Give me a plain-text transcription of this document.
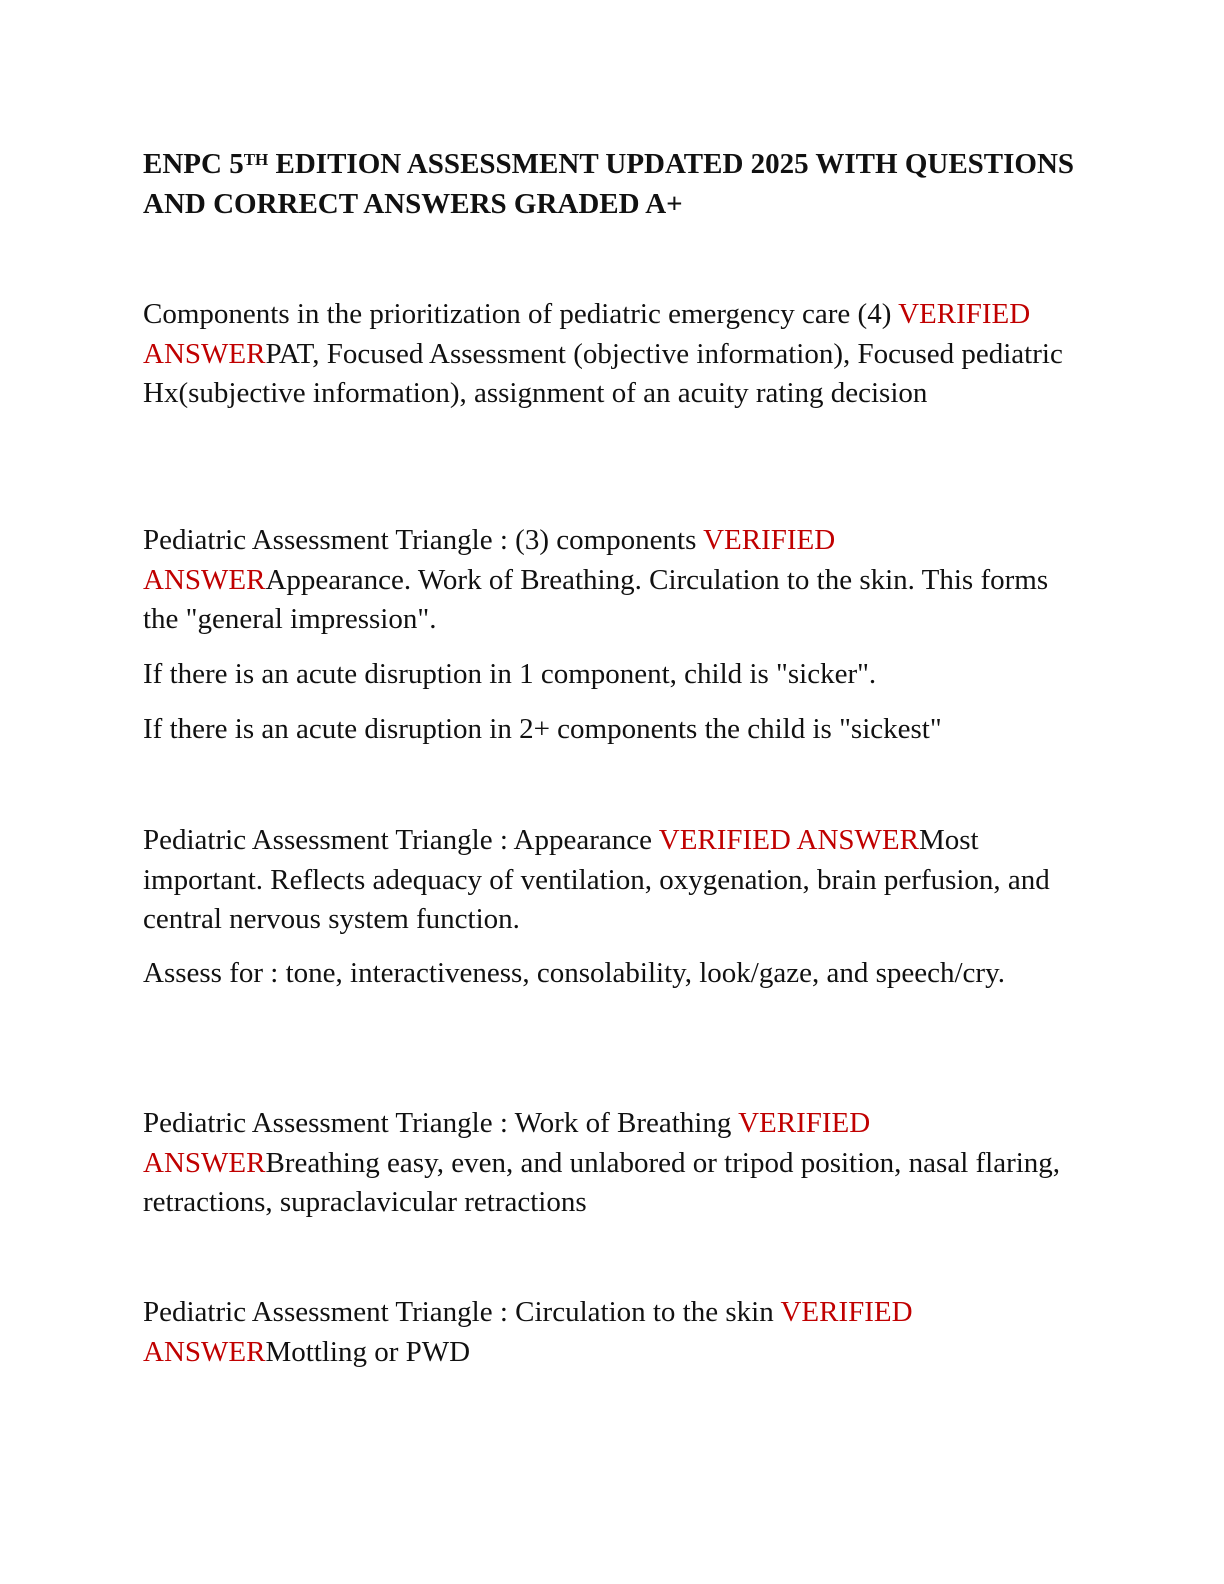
ENPC 5TH EDITION ASSESSMENT UPDATED 2025 WITH QUESTIONS AND CORRECT ANSWERS GRADED A+

Components in the prioritization of pediatric emergency care (4) VERIFIED ANSWERPAT, Focused Assessment (objective information), Focused pediatric Hx(subjective information), assignment of an acuity rating decision

Pediatric Assessment Triangle : (3) components VERIFIED ANSWERAppearance. Work of Breathing. Circulation to the skin. This forms the "general impression".

If there is an acute disruption in 1 component, child is "sicker".

If there is an acute disruption in 2+ components the child is "sickest"

Pediatric Assessment Triangle : Appearance VERIFIED ANSWERMost important. Reflects adequacy of ventilation, oxygenation, brain perfusion, and central nervous system function.

Assess for : tone, interactiveness, consolability, look/gaze, and speech/cry.

Pediatric Assessment Triangle : Work of Breathing VERIFIED ANSWERBreathing easy, even, and unlabored or tripod position, nasal flaring, retractions, supraclavicular retractions

Pediatric Assessment Triangle : Circulation to the skin VERIFIED ANSWERMottling or PWD
